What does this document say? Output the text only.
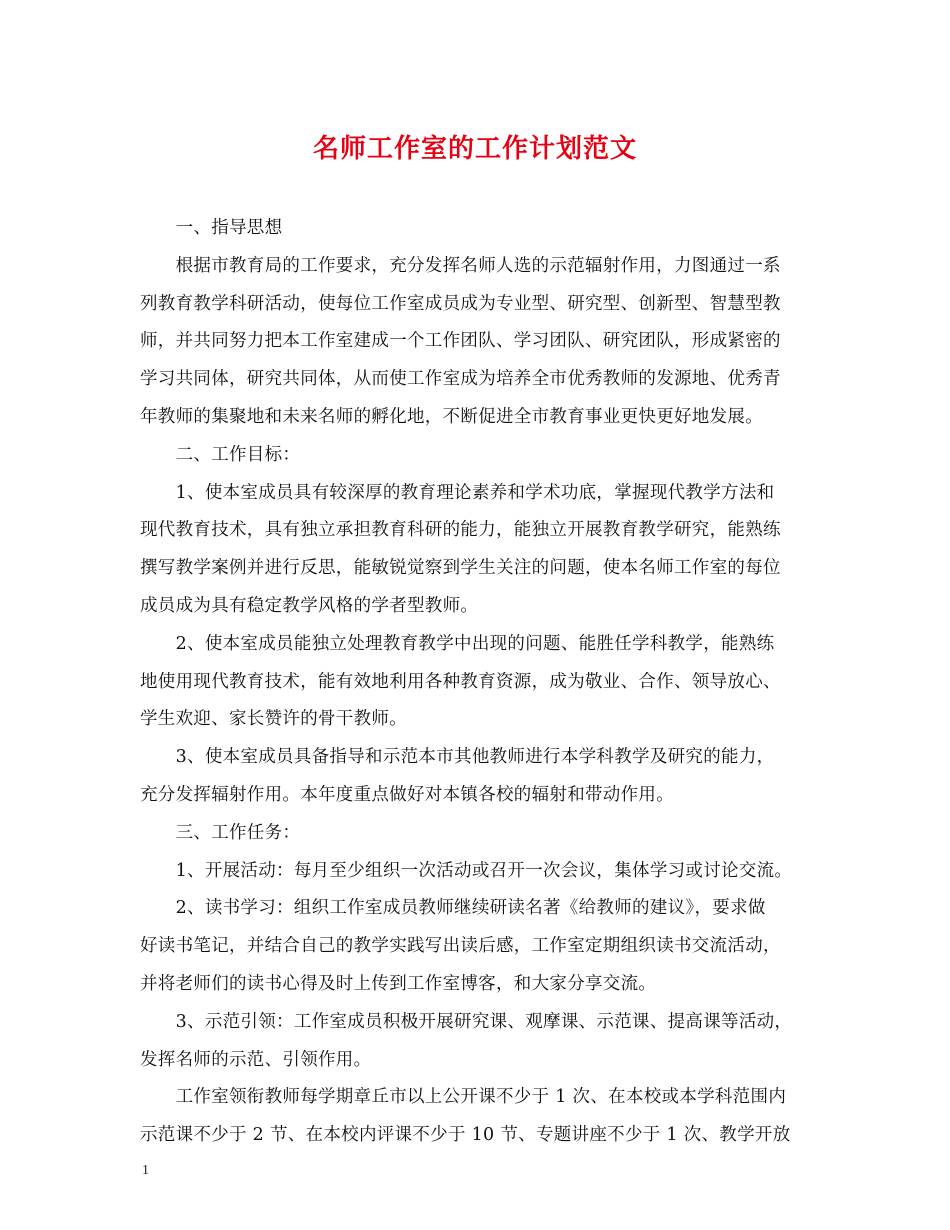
名师工作室的工作计划范文
　　一、指导思想
　　根据市教育局的工作要求，充分发挥名师人选的示范辐射作用，力图通过一系
列教育教学科研活动，使每位工作室成员成为专业型、研究型、创新型、智慧型教
师，并共同努力把本工作室建成一个工作团队、学习团队、研究团队，形成紧密的
学习共同体，研究共同体，从而使工作室成为培养全市优秀教师的发源地、优秀青
年教师的集聚地和未来名师的孵化地，不断促进全市教育事业更快更好地发展。
　　二、工作目标：
　　1、使本室成员具有较深厚的教育理论素养和学术功底，掌握现代教学方法和
现代教育技术，具有独立承担教育科研的能力，能独立开展教育教学研究，能熟练
撰写教学案例并进行反思，能敏锐觉察到学生关注的问题，使本名师工作室的每位
成员成为具有稳定教学风格的学者型教师。
　　2、使本室成员能独立处理教育教学中出现的问题、能胜任学科教学，能熟练
地使用现代教育技术，能有效地利用各种教育资源，成为敬业、合作、领导放心、
学生欢迎、家长赞许的骨干教师。
　　3、使本室成员具备指导和示范本市其他教师进行本学科教学及研究的能力，
充分发挥辐射作用。本年度重点做好对本镇各校的辐射和带动作用。
　　三、工作任务：
　　1、开展活动：每月至少组织一次活动或召开一次会议，集体学习或讨论交流。
　　2、读书学习：组织工作室成员教师继续研读名著《给教师的建议》，要求做
好读书笔记，并结合自己的教学实践写出读后感，工作室定期组织读书交流活动，
并将老师们的读书心得及时上传到工作室博客，和大家分享交流。
　　3、示范引领：工作室成员积极开展研究课、观摩课、示范课、提高课等活动，
发挥名师的示范、引领作用。
　　工作室领衔教师每学期章丘市以上公开课不少于 1 次、在本校或本学科范围内
示范课不少于 2 节、在本校内评课不少于 10 节、专题讲座不少于 1 次、教学开放
1
